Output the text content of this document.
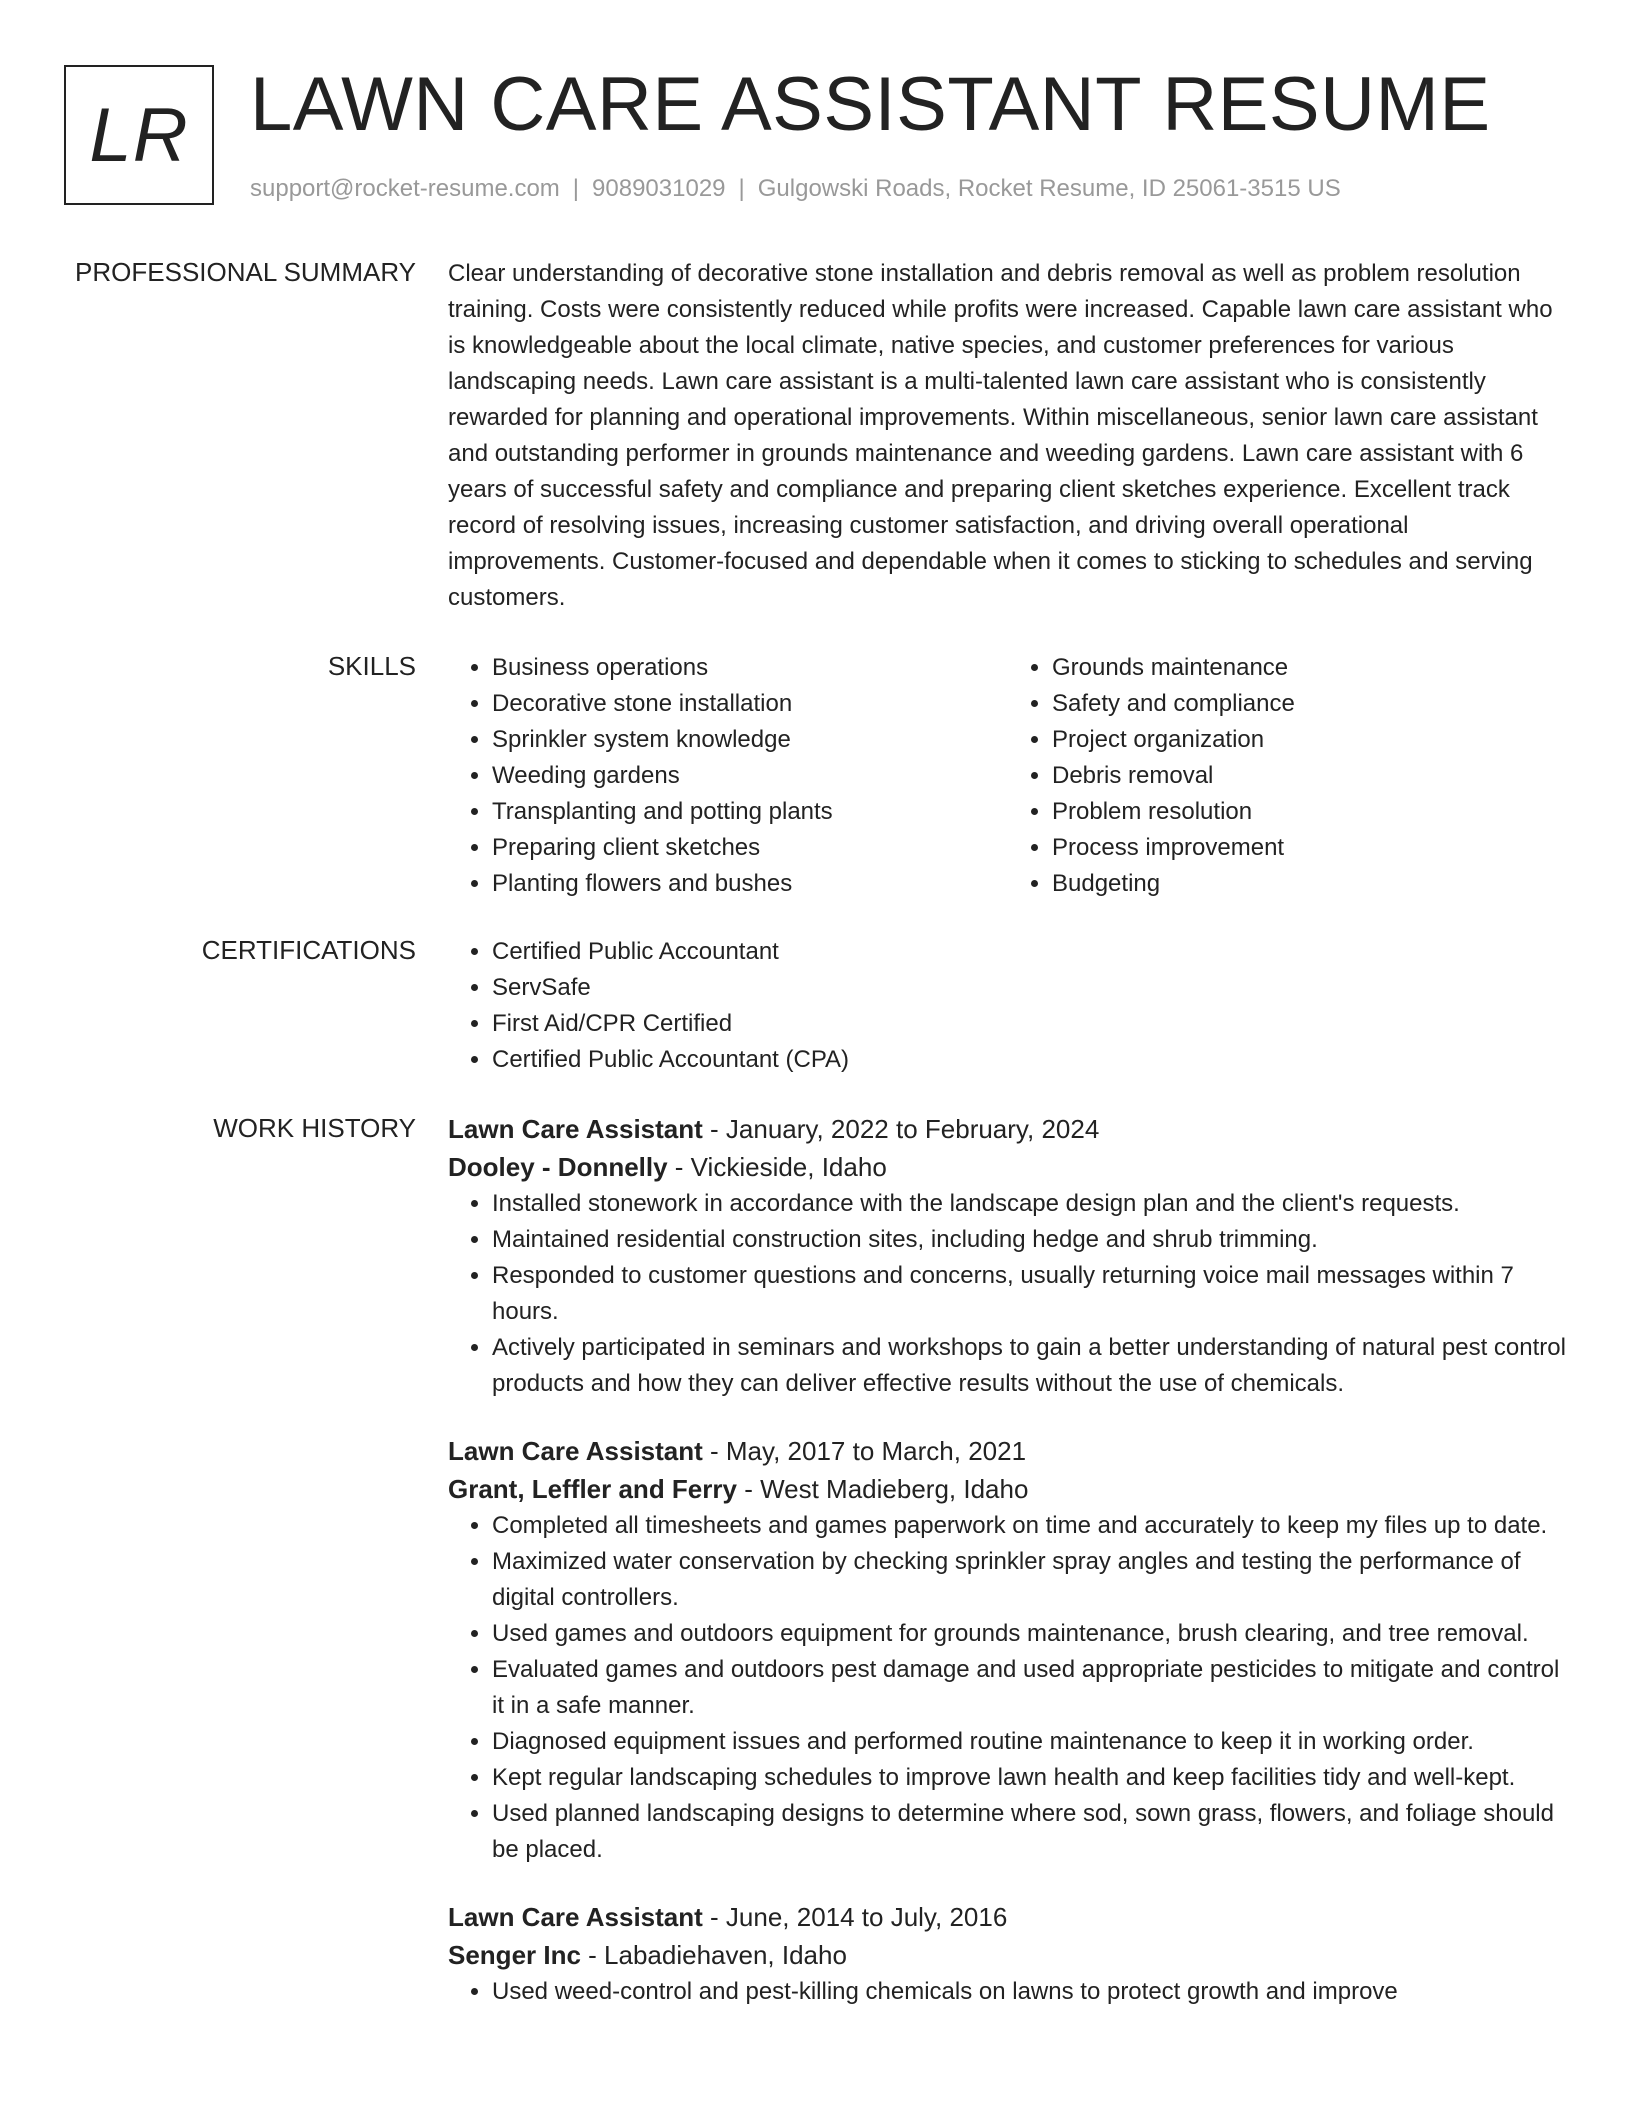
LR LAWN CARE ASSISTANT RESUME
support@rocket-resume.com | 9089031029 | Gulgowski Roads, Rocket Resume, ID 25061-3515 US
PROFESSIONAL SUMMARY Clear understanding of decorative stone installation and debris removal as well as problem resolution training. Costs were consistently reduced while profits were increased. Capable lawn care assistant who is knowledgeable about the local climate, native species, and customer preferences for various landscaping needs. Lawn care assistant is a multi-talented lawn care assistant who is consistently rewarded for planning and operational improvements. Within miscellaneous, senior lawn care assistant and outstanding performer in grounds maintenance and weeding gardens. Lawn care assistant with 6 years of successful safety and compliance and preparing client sketches experience. Excellent track record of resolving issues, increasing customer satisfaction, and driving overall operational improvements. Customer-focused and dependable when it comes to sticking to schedules and serving customers.

SKILLS	• Business operations
• Decorative stone installation
• Sprinkler system knowledge
• Weeding gardens
• Transplanting and potting plants
• Preparing client sketches
• Planting flowers and bushes
• Grounds maintenance
• Safety and compliance
• Project organization
• Debris removal
• Problem resolution
• Process improvement
• Budgeting
CERTIFICATIONS	• Certified Public Accountant
• ServSafe
• First Aid/CPR Certified
• Certified Public Accountant (CPA)
WORK HISTORY Lawn Care Assistant - January, 2022 to February, 2024
Dooley - Donnelly - Vickieside, Idaho
• Installed stonework in accordance with the landscape design plan and the client's requests.
• Maintained residential construction sites, including hedge and shrub trimming.
• Responded to customer questions and concerns, usually returning voice mail messages within 7 hours.
• Actively participated in seminars and workshops to gain a better understanding of natural pest control products and how they can deliver effective results without the use of chemicals.
Lawn Care Assistant - May, 2017 to March, 2021
Grant, Leffler and Ferry - West Madieberg, Idaho
• Completed all timesheets and games paperwork on time and accurately to keep my files up to date.
• Maximized water conservation by checking sprinkler spray angles and testing the performance of digital controllers.
• Used games and outdoors equipment for grounds maintenance, brush clearing, and tree removal.
• Evaluated games and outdoors pest damage and used appropriate pesticides to mitigate and control it in a safe manner.
• Diagnosed equipment issues and performed routine maintenance to keep it in working order.
• Kept regular landscaping schedules to improve lawn health and keep facilities tidy and well-kept.
• Used planned landscaping designs to determine where sod, sown grass, flowers, and foliage should be placed.
Lawn Care Assistant - June, 2014 to July, 2016
Senger Inc - Labadiehaven, Idaho
• Used weed-control and pest-killing chemicals on lawns to protect growth and improve
